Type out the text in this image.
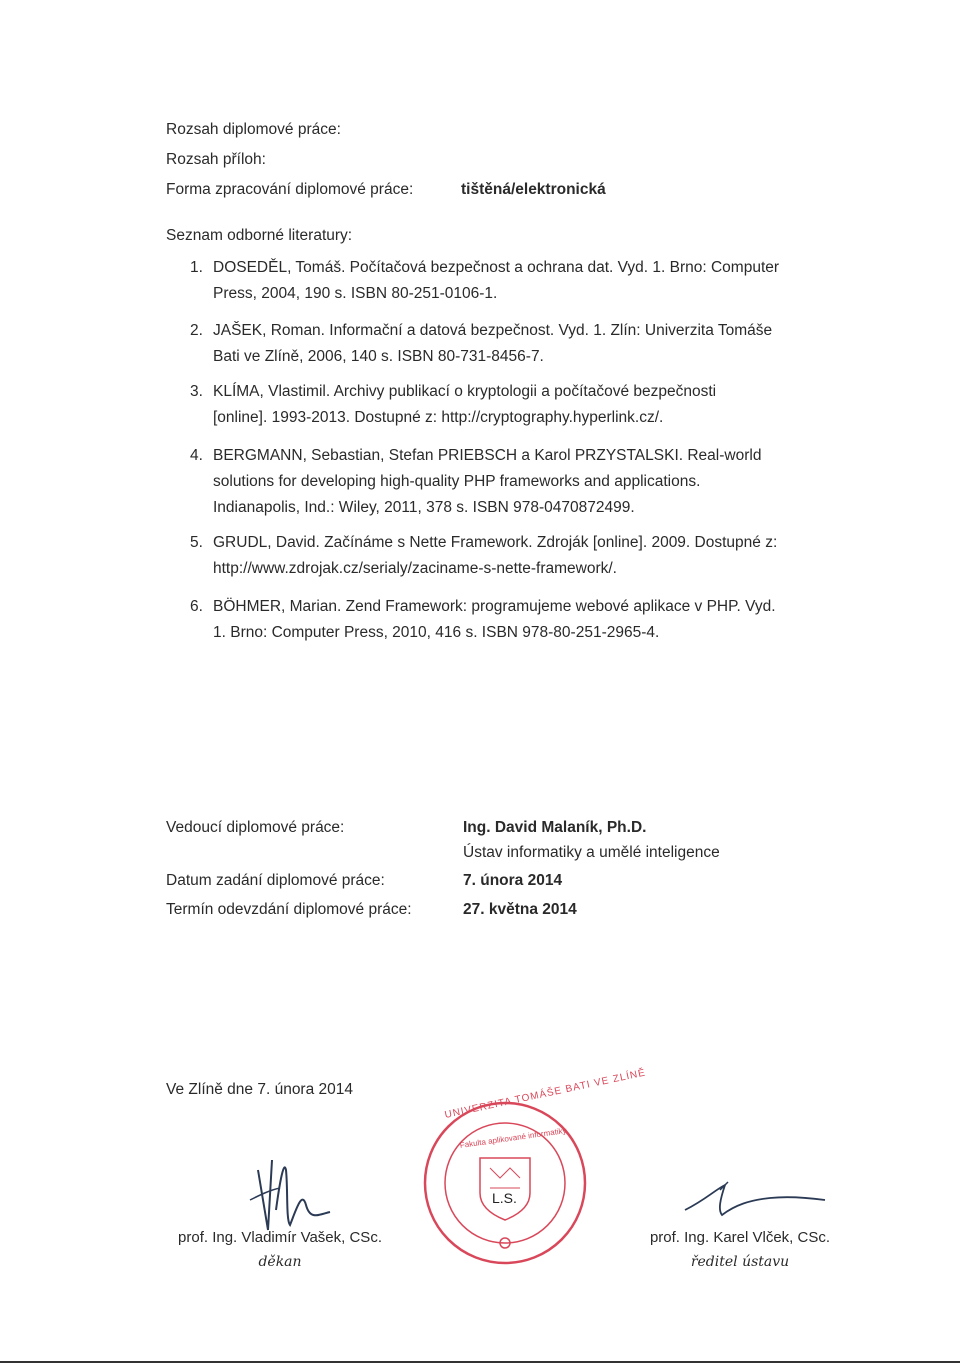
Rozsah diplomové práce:
Rozsah příloh:
Forma zpracování diplomové práce:	tištěná/elektronická
Seznam odborné literatury:
1. DOSEDĚL, Tomáš. Počítačová bezpečnost a ochrana dat. Vyd. 1. Brno: Computer
Press, 2004, 190 s. ISBN 80-251-0106-1.
2. JAŠEK, Roman. Informační a datová bezpečnost. Vyd. 1. Zlín: Univerzita Tomáše
Bati ve Zlíně, 2006, 140 s. ISBN 80-731-8456-7.
3. KLÍMA, Vlastimil. Archivy publikací o kryptologii a počítačové bezpečnosti
[online]. 1993-2013. Dostupné z: http://cryptography.hyperlink.cz/.
4. BERGMANN, Sebastian, Stefan PRIEBSCH a Karol PRZYSTALSKI. Real-world
solutions for developing high-quality PHP frameworks and applications.
Indianapolis, Ind.: Wiley, 2011, 378 s. ISBN 978-0470872499.
5. GRUDL, David. Začínáme s Nette Framework. Zdroják [online]. 2009. Dostupné z:
http://www.zdrojak.cz/serialy/zaciname-s-nette-framework/.
6. BÖHMER, Marian. Zend Framework: programujeme webové aplikace v PHP. Vyd.
1. Brno: Computer Press, 2010, 416 s. ISBN 978-80-251-2965-4.
Vedoucí diplomové práce:	Ing. David Malaník, Ph.D.
Ústav informatiky a umělé inteligence
Datum zadání diplomové práce:	7. února 2014
Termín odevzdání diplomové práce:	27. května 2014
Ve Zlíně dne 7. února 2014
prof. Ing. Vladimír Vašek, CSc.
děkan
UNIVERZITA TOMÁŠE BATI VE ZLÍNĚ
Fakulta aplikované informatiky
L.S.
prof. Ing. Karel Vlček, CSc.
ředitel ústavu
